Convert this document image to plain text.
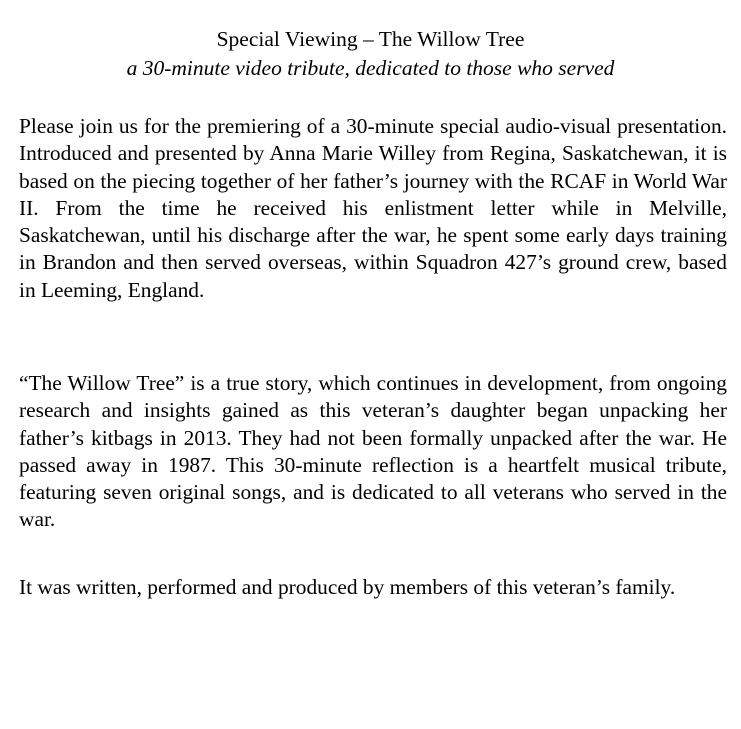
Special Viewing – The Willow Tree
a 30-minute video tribute, dedicated to those who served

Please join us for the premiering of a 30-minute special audio-visual presentation. Introduced and presented by Anna Marie Willey from Regina, Saskatchewan, it is based on the piecing together of her father’s journey with the RCAF in World War II. From the time he received his enlistment letter while in Melville, Saskatchewan, until his discharge after the war, he spent some early days training in Brandon and then served overseas, within Squadron 427’s ground crew, based in Leeming, England.

“The Willow Tree” is a true story, which continues in development, from ongoing research and insights gained as this veteran’s daughter began unpacking her father’s kitbags in 2013. They had not been formally unpacked after the war. He passed away in 1987. This 30-minute reflection is a heartfelt musical tribute, featuring seven original songs, and is dedicated to all veterans who served in the war.

It was written, performed and produced by members of this veteran’s family.
